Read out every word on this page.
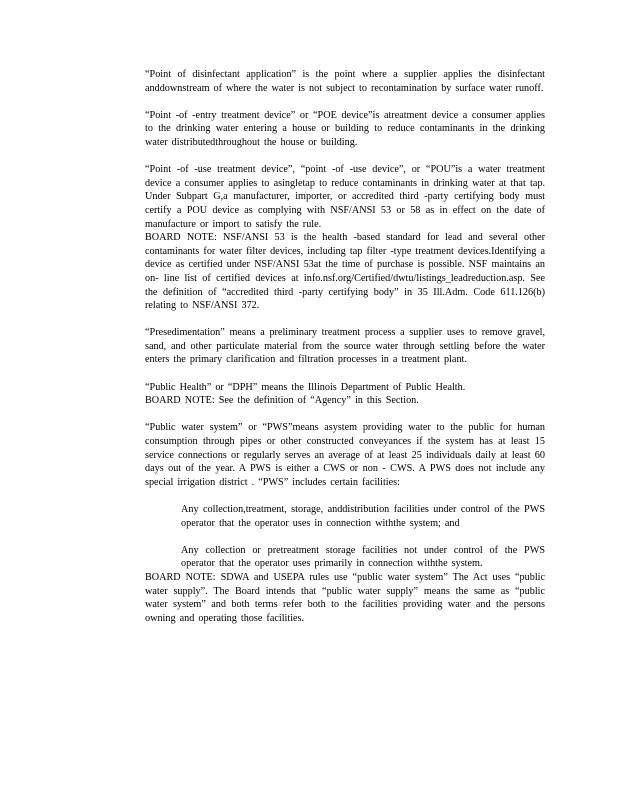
“Point of disinfectant application” is the point where a supplier applies the disinfectant anddownstream of where the water is not subject to recontamination by surface water runoff.

“Point -of -entry treatment device” or “POE device”is atreatment device a consumer applies to the drinking water entering a house or building to reduce contaminants in the drinking water distributedthroughout the house or building.

“Point -of -use treatment device”, “point -of -use device”, or “POU”is a water treatment device a consumer applies to asingletap to reduce contaminants in drinking water at that tap. Under Subpart G,a manufacturer, importer, or accredited third -party certifying body must certify a POU device as complying with NSF/ANSI 53 or 58 as in effect on the date of manufacture or import to satisfy the rule.

BOARD NOTE: NSF/ANSI 53 is the health -based standard for lead and several other contaminants for water filter devices, including tap filter -type treatment devices.Identifying a device as certified under NSF/ANSI 53at the time of purchase is possible. NSF maintains an on- line list of certified devices at info.nsf.org/Certified/dwtu/listings_leadreduction.asp. See the definition of “accredited third -party certifying body” in 35 Ill.Adm. Code 611.126(b) relating to NSF/ANSI 372.

“Presedimentation” means a preliminary treatment process a supplier uses to remove gravel, sand, and other particulate material from the source water through settling before the water enters the primary clarification and filtration processes in a treatment plant.

“Public Health” or “DPH” means the Illinois Department of Public Health.

BOARD NOTE: See the definition of “Agency” in this Section.

“Public water system” or “PWS”means asystem providing water to the public for human consumption through pipes or other constructed conveyances if the system has at least 15 service connections or regularly serves an average of at least 25 individuals daily at least 60 days out of the year. A PWS is either a CWS or non - CWS. A PWS does not include any special irrigation district . “PWS” includes certain facilities:

Any collection,treatment, storage, anddistribution facilities under control of the PWS operator that the operator uses in connection withthe system; and

Any collection or pretreatment storage facilities not under control of the PWS operator that the operator uses primarily in connection withthe system.

BOARD NOTE: SDWA and USEPA rules use “public water system” The Act uses “public water supply”. The Board intends that “public water supply” means the same as “public water system” and both terms refer both to the facilities providing water and the persons owning and operating those facilities.
